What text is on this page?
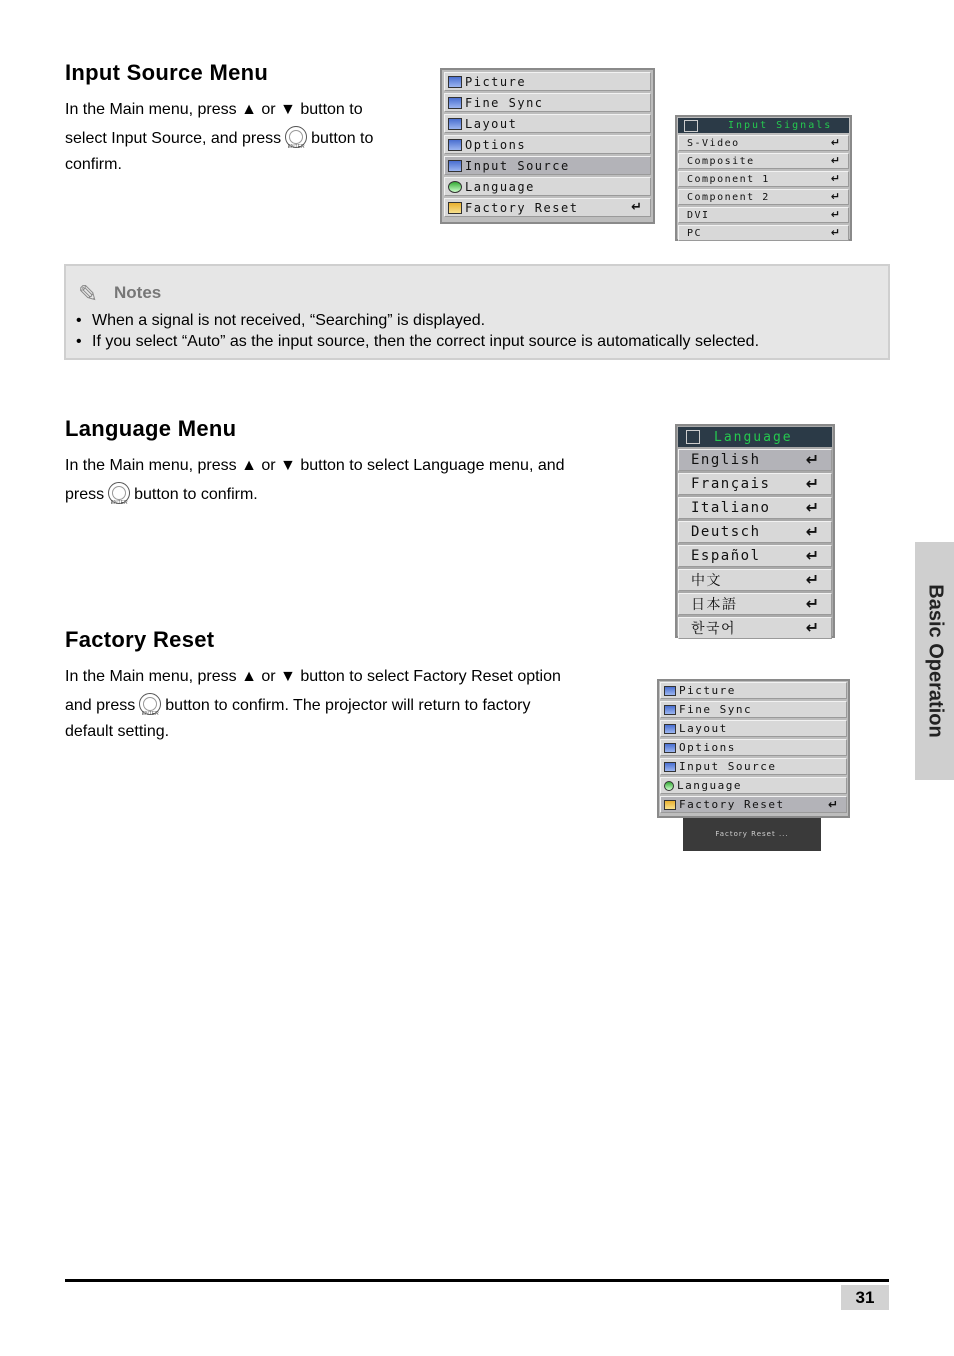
Input Source Menu
In the Main menu, press ▲ or ▼ button to
select Input Source, and press	ENTER button to
confirm.
Picture
Fine Sync
Layout
Options
Input Source
Language
Factory Reset	↵
Input Signals
S-Video	↵
Composite	↵
Component 1	↵
Component 2	↵
DVI	↵
PC	↵
✎ Notes
• When a signal is not received, “Searching” is displayed.
• If you select “Auto” as the input source, then the correct input source is automatically selected.
Language Menu
In the Main menu, press ▲ or ▼ button to select Language menu, and
press	ENTER button to confirm.
Language
English	↵
Français ↵
Italiano ↵
Deutsch	↵
Español	↵
中文	↵
日本語	↵
한국어	↵
Factory Reset
In the Main menu, press ▲ or ▼ button to select Factory Reset option
and press	ENTER button to confirm. The projector will return to factory
default setting.
Picture
Fine Sync
Layout
Options
Input Source
Language
Factory Reset	↵
Factory Reset ...
Basic Operation
31
